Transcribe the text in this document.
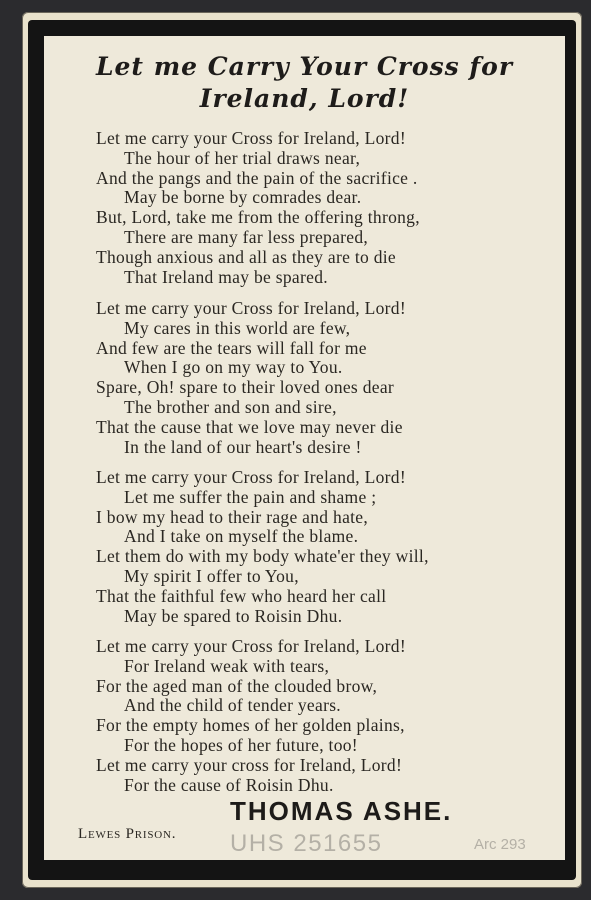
Let me Carry Your Cross for
Ireland, Lord!
THOMAS ASHE.
Lewes Prison. UHS 251655	Arc 293
Let me carry your Cross for Ireland, Lord!
The hour of her trial draws near,
And the pangs and the pain of the sacrifice .
May be borne by comrades dear.
But, Lord, take me from the offering throng,
There are many far less prepared,
Though anxious and all as they are to die
That Ireland may be spared.
Let me carry your Cross for Ireland, Lord!
My cares in this world are few,
And few are the tears will fall for me
When I go on my way to You.
Spare, Oh! spare to their loved ones dear
The brother and son and sire,
That the cause that we love may never die
In the land of our heart's desire !
Let me carry your Cross for Ireland, Lord!
Let me suffer the pain and shame ;
I bow my head to their rage and hate,
And I take on myself the blame.
Let them do with my body whate'er they will,
My spirit I offer to You,
That the faithful few who heard her call
May be spared to Roisin Dhu.
Let me carry your Cross for Ireland, Lord!
For Ireland weak with tears,
For the aged man of the clouded brow,
And the child of tender years.
For the empty homes of her golden plains,
For the hopes of her future, too!
Let me carry your cross for Ireland, Lord!
For the cause of Roisin Dhu.
